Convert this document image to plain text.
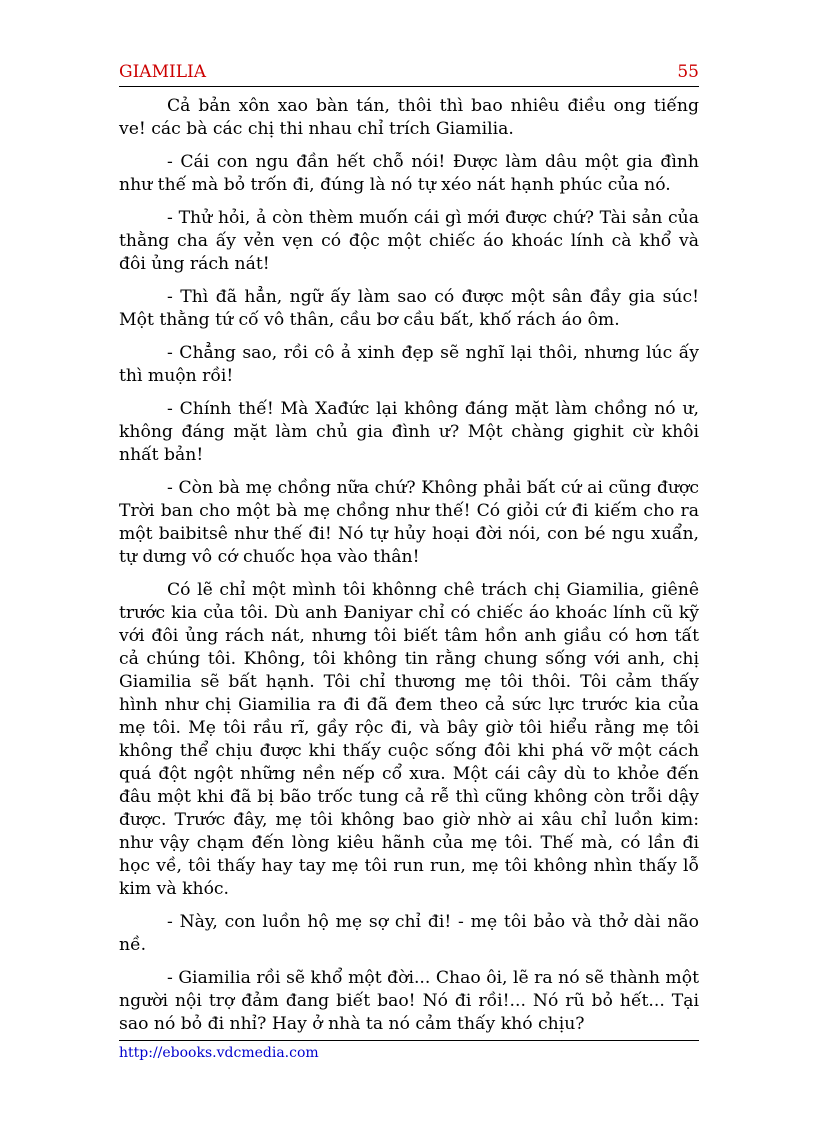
GIAMILIA	55

Cả bản xôn xao bàn tán, thôi thì bao nhiêu điều ong tiếng ve! các bà các chị thi nhau chỉ trích Giamilia.

- Cái con ngu đần hết chỗ nói! Được làm dâu một gia đình như thế mà bỏ trốn đi, đúng là nó tự xéo nát hạnh phúc của nó.

- Thử hỏi, ả còn thèm muốn cái gì mới được chứ? Tài sản của thằng cha ấy vẻn vẹn có độc một chiếc áo khoác lính cà khổ và đôi ủng rách nát!

- Thì đã hẳn, ngữ ấy làm sao có được một sân đầy gia súc! Một thằng tứ cố vô thân, cầu bơ cầu bất, khố rách áo ôm.

- Chẳng sao, rồi cô ả xinh đẹp sẽ nghĩ lại thôi, nhưng lúc ấy thì muộn rồi!

- Chính thế! Mà Xađức lại không đáng mặt làm chồng nó ư, không đáng mặt làm chủ gia đình ư? Một chàng gighit cừ khôi nhất bản!

- Còn bà mẹ chồng nữa chứ? Không phải bất cứ ai cũng được Trời ban cho một bà mẹ chồng như thế! Có giỏi cứ đi kiếm cho ra một baibitsê như thế đi! Nó tự hủy hoại đời nói, con bé ngu xuẩn, tự dưng vô cớ chuốc họa vào thân!

Có lẽ chỉ một mình tôi khônng chê trách chị Giamilia, giênê trước kia của tôi. Dù anh Đaniyar chỉ có chiếc áo khoác lính cũ kỹ với đôi ủng rách nát, nhưng tôi biết tâm hồn anh giầu có hơn tất cả chúng tôi. Không, tôi không tin rằng chung sống với anh, chị Giamilia sẽ bất hạnh. Tôi chỉ thương mẹ tôi thôi. Tôi cảm thấy hình như chị Giamilia ra đi đã đem theo cả sức lực trước kia của mẹ tôi. Mẹ tôi rầu rĩ, gầy rộc đi, và bây giờ tôi hiểu rằng mẹ tôi không thể chịu được khi thấy cuộc sống đôi khi phá vỡ một cách quá đột ngột những nền nếp cổ xưa. Một cái cây dù to khỏe đến đâu một khi đã bị bão trốc tung cả rễ thì cũng không còn trỗi dậy được. Trước đây, mẹ tôi không bao giờ nhờ ai xâu chỉ luồn kim: như vậy chạm đến lòng kiêu hãnh của mẹ tôi. Thế mà, có lần đi học về, tôi thấy hay tay mẹ tôi run run, mẹ tôi không nhìn thấy lỗ kim và khóc.

- Này, con luồn hộ mẹ sợ chỉ đi! - mẹ tôi bảo và thở dài não nề.

- Giamilia rồi sẽ khổ một đời... Chao ôi, lẽ ra nó sẽ thành một người nội trợ đảm đang biết bao! Nó đi rồi!... Nó rũ bỏ hết... Tại sao nó bỏ đi nhỉ? Hay ở nhà ta nó cảm thấy khó chịu?

http://ebooks.vdcmedia.com
